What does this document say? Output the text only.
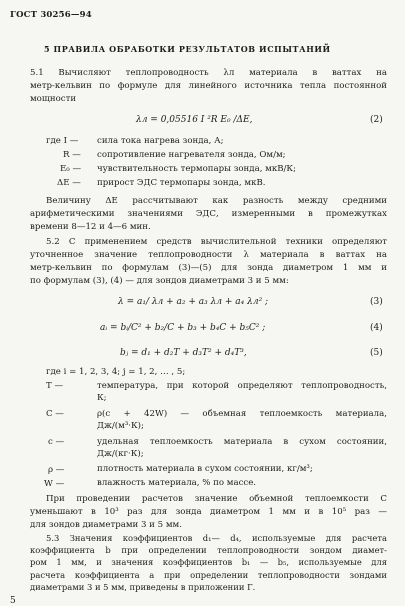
ГОСТ 30256—94
5 ПРАВИЛА ОБРАБОТКИ РЕЗУЛЬТАТОВ ИСПЫТАНИЙ
5.1 Вычисляют теплопроводность λл материала в ваттах на
метр-кельвин по формуле для линейного источника тепла постоянной
мощности
λл = 0,05516 I ²R E₀ /ΔE,	(2)
где I — сила тока нагрева зонда, А;
R — сопротивление нагревателя зонда, Ом/м;
E₀ — чувствительность термопары зонда, мкВ/К;
ΔE — прирост ЭДС термопары зонда, мкВ.
Величину ΔE рассчитывают как разность между средними
арифметическими значениями ЭДС, измеренными в промежутках
времени 8—12 и 4—6 мин.
5.2 С применением средств вычислительной техники определяют
уточненное значение теплопроводности λ материала в ваттах на
метр-кельвин по формулам (3)—(5) для зонда диаметром 1 мм и
по формулам (3), (4) — для зондов диаметрами 3 и 5 мм:
λ = a₁/ λл + a₂ + a₃ λл + a₄ λл² ;	(3)
aᵢ = bᵢ/C² + b₂/C + b₃ + b₄C + b₅C² ;	(4)
bⱼ = d₁ + d₂T + d₃T² + d₄T³,	(5)
где i = 1, 2, 3, 4; j = 1, 2, … , 5;
T —	температура, при которой определяют теплопроводность,
К;
C —	ρ(с + 42W) — объемная теплоемкость материала,
Дж/(м³·К);
с —	удельная теплоемкость материала в сухом состоянии,
Дж/(кг·К);
ρ —	плотность материала в сухом состоянии, кг/м³;
W —	влажность материала, % по массе.
При проведении расчетов значение объемной теплоемкости C
уменьшают в 10³ раз для зонда диаметром 1 мм и в 10⁵ раз —
для зондов диаметрами 3 и 5 мм.
5
5.3 Значения коэффициентов d₁— d₄, используемые для расчета
коэффициента b при определении теплопроводности зондом диамет-
ром 1 мм, и значения коэффициентов b₁ — b₅, используемые для
расчета коэффициента a при определении теплопроводности зондами
диаметрами 3 и 5 мм, приведены в приложении Г.
